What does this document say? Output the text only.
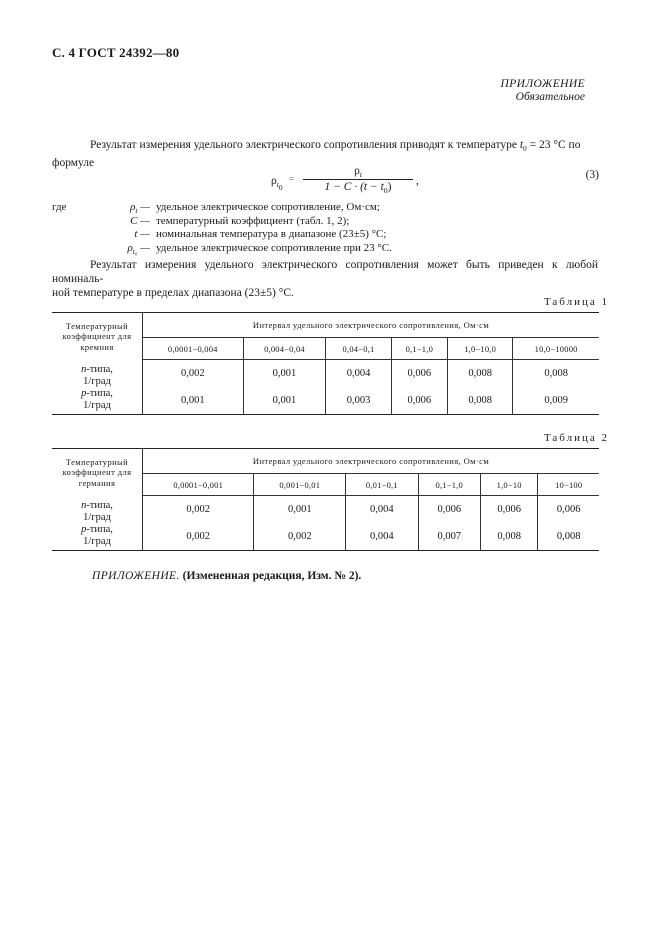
С. 4 ГОСТ 24392—80
ПРИЛОЖЕНИЕ
Обязательное
Результат измерения удельного электрического сопротивления приводят к температуре $t_0 = 23$ °С по
формуле
$\rho_{t_0}$
=
$\rho_t$
$1 - C \cdot (t - t_0)$	,	(3)
где	$\rho_t$ — удельное электрическое сопротивление, Ом·см;
C — температурный коэффициент (табл. 1, 2);
t — номинальная температура в диапазоне (23±5) °С;
$\rho_{t_0}$ — удельное электрическое сопротивление при 23 °С.
Результат измерения удельного электрического сопротивления может быть приведен к любой номиналь-
ной температуре в пределах диапазона (23±5) °С.
Таблица 1
Температурный коэффициент для кремния	Интервал удельного электрического сопротивления, Ом·см					
	0,0001−0,004	0,004−0,04	0,04−0,1	0,1−1,0	1,0−10,0	10,0−10000
n-типа,
1/град	0,002	0,001	0,004	0,006	0,008	0,008
p-типа,
1/град	0,001	0,001	0,003	0,006	0,008	0,009
Таблица 2
Температурный коэффициент для германия	Интервал удельного электрического сопротивления, Ом·см					
	0,0001−0,001	0,001−0,01	0,01−0,1	0,1−1,0	1,0−10	10−100
n-типа,
1/град	0,002	0,001	0,004	0,006	0,006	0,006
p-типа,
1/град	0,002	0,002	0,004	0,007	0,008	0,008
ПРИЛОЖЕНИЕ. (Измененная редакция, Изм. № 2).
